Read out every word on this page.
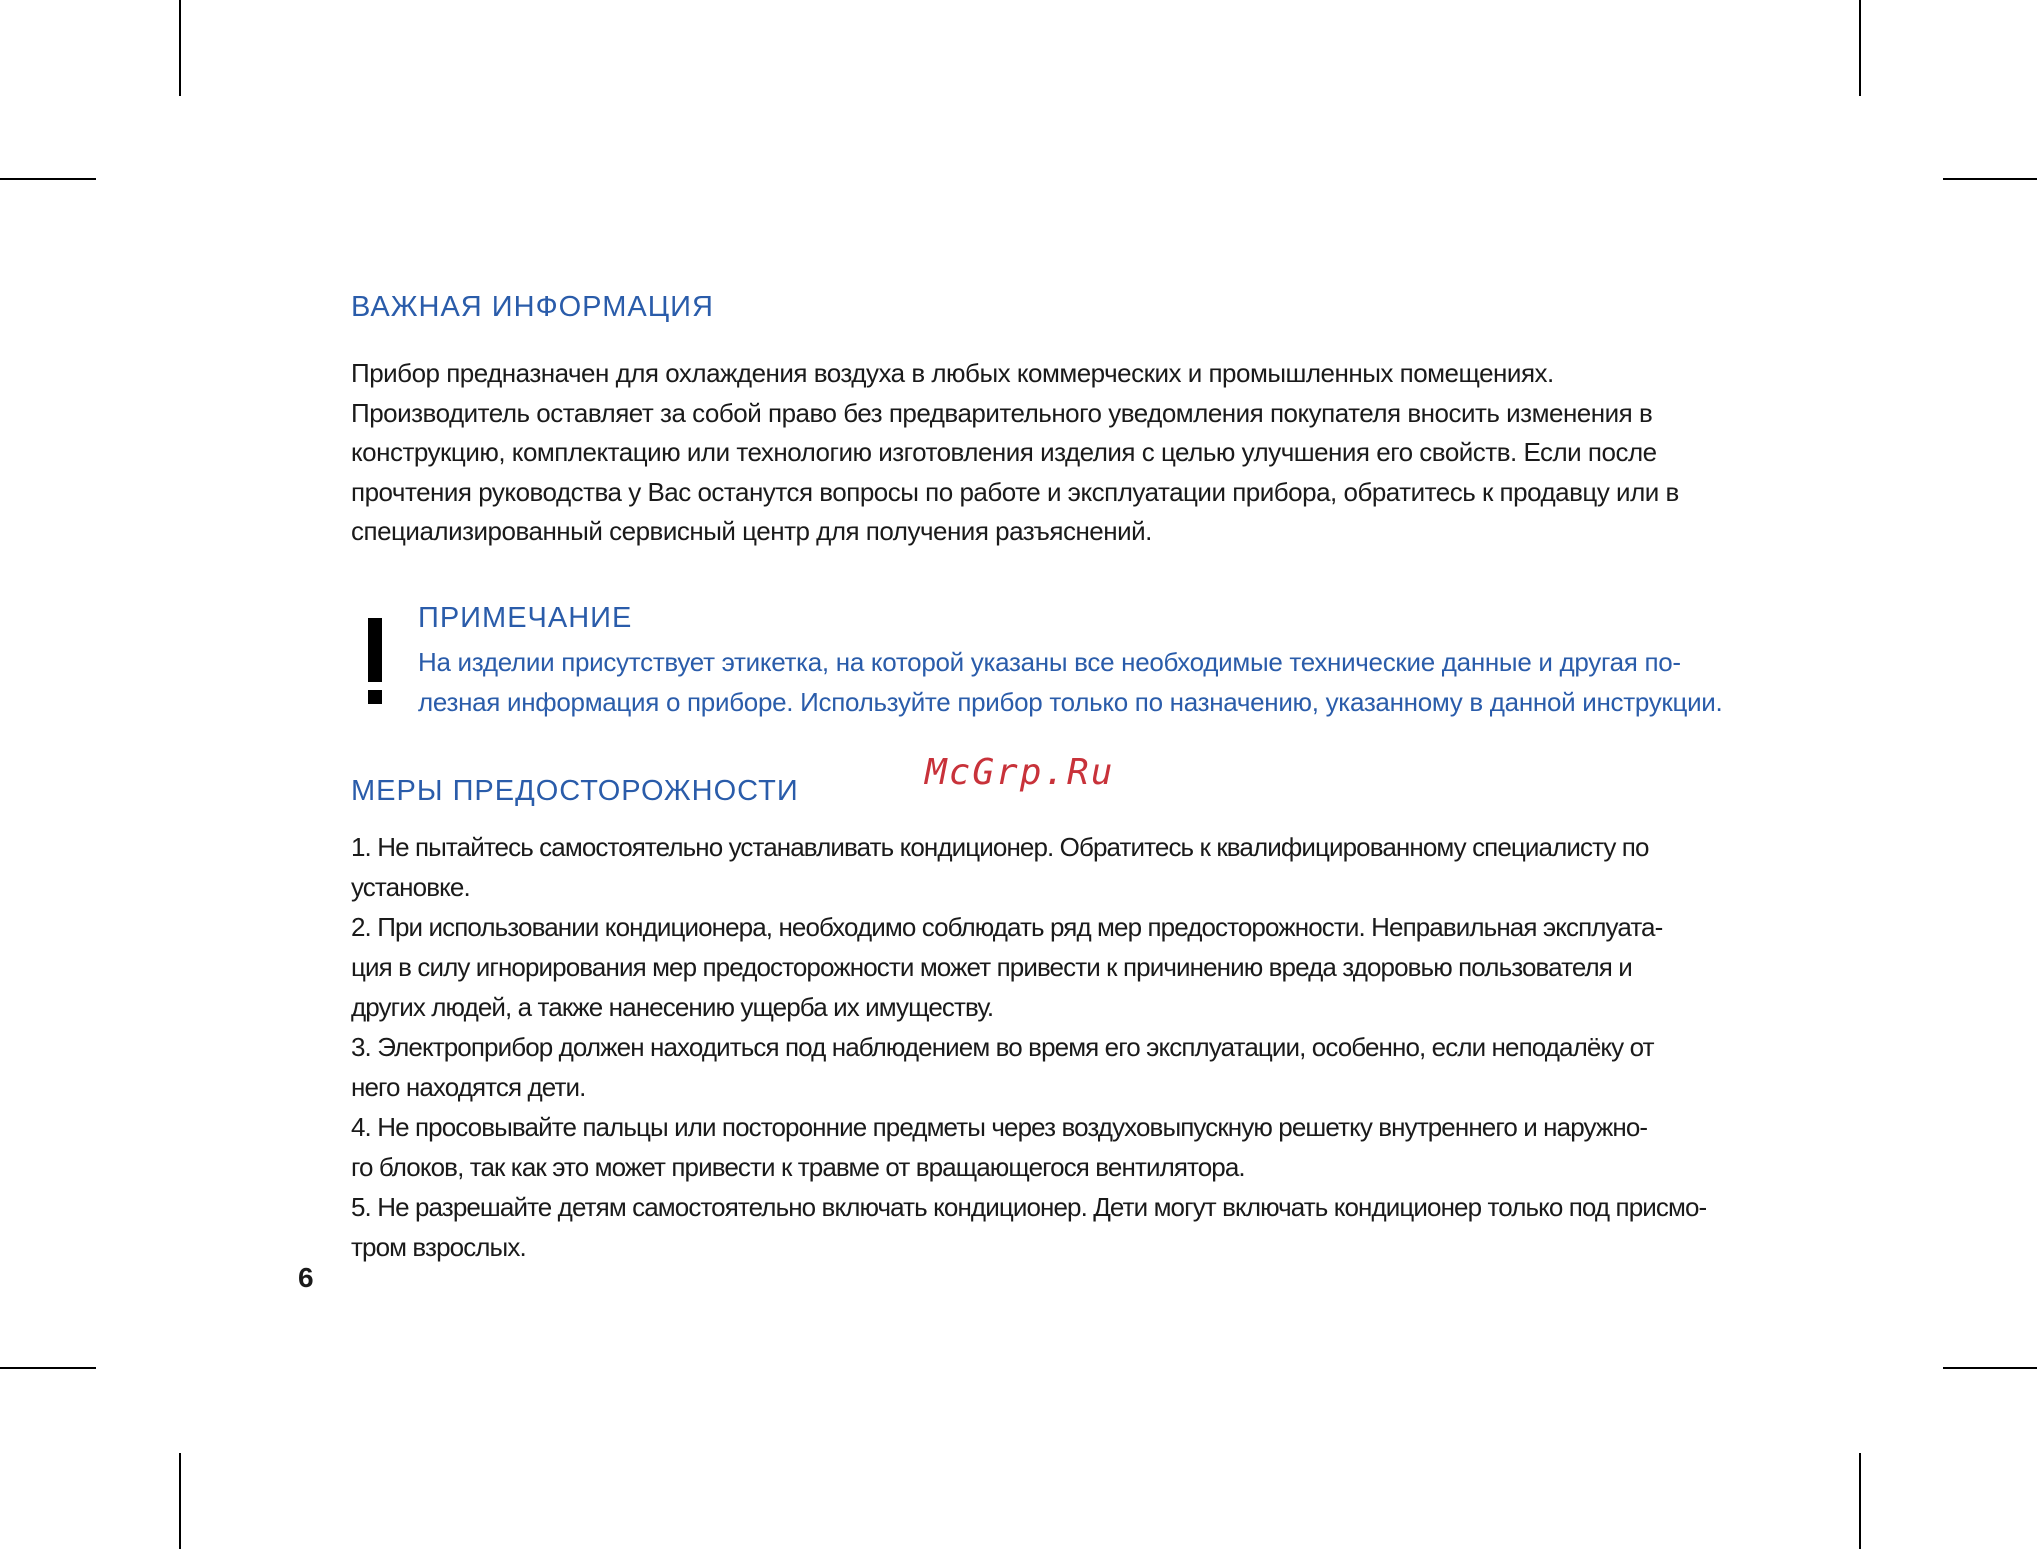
ВАЖНАЯ ИНФОРМАЦИЯ
Прибор предназначен для охлаждения воздуха в любых коммерческих и промышленных помещениях.
Производитель оставляет за собой право без предварительного уведомления покупателя вносить изменения в
конструкцию, комплектацию или технологию изготовления изделия с целью улучшения его свойств. Если после
прочтения руководства у Вас останутся вопросы по работе и эксплуатации прибора, обратитесь к продавцу или в
специализированный сервисный центр для получения разъяснений.
ПРИМЕЧАНИЕ
На изделии присутствует этикетка, на которой указаны все необходимые технические данные и другая по-
лезная информация о приборе. Используйте прибор только по назначению, указанному в данной инструкции.
McGrp.Ru
МЕРЫ ПРЕДОСТОРОЖНОСТИ
1. Не пытайтесь самостоятельно устанавливать кондиционер. Обратитесь к квалифицированному специалисту по
установке.
2. При использовании кондиционера, необходимо соблюдать ряд мер предосторожности. Неправильная эксплуата-
ция в силу игнорирования мер предосторожности может привести к причинению вреда здоровью пользователя и
других людей, а также нанесению ущерба их имуществу.
3. Электроприбор должен находиться под наблюдением во время его эксплуатации, особенно, если неподалёку от
него находятся дети.
4. Не просовывайте пальцы или посторонние предметы через воздуховыпускную решетку внутреннего и наружно-
го блоков, так как это может привести к травме от вращающегося вентилятора.
5. Не разрешайте детям самостоятельно включать кондиционер. Дети могут включать кондиционер только под присмо-
тром взрослых.
6
